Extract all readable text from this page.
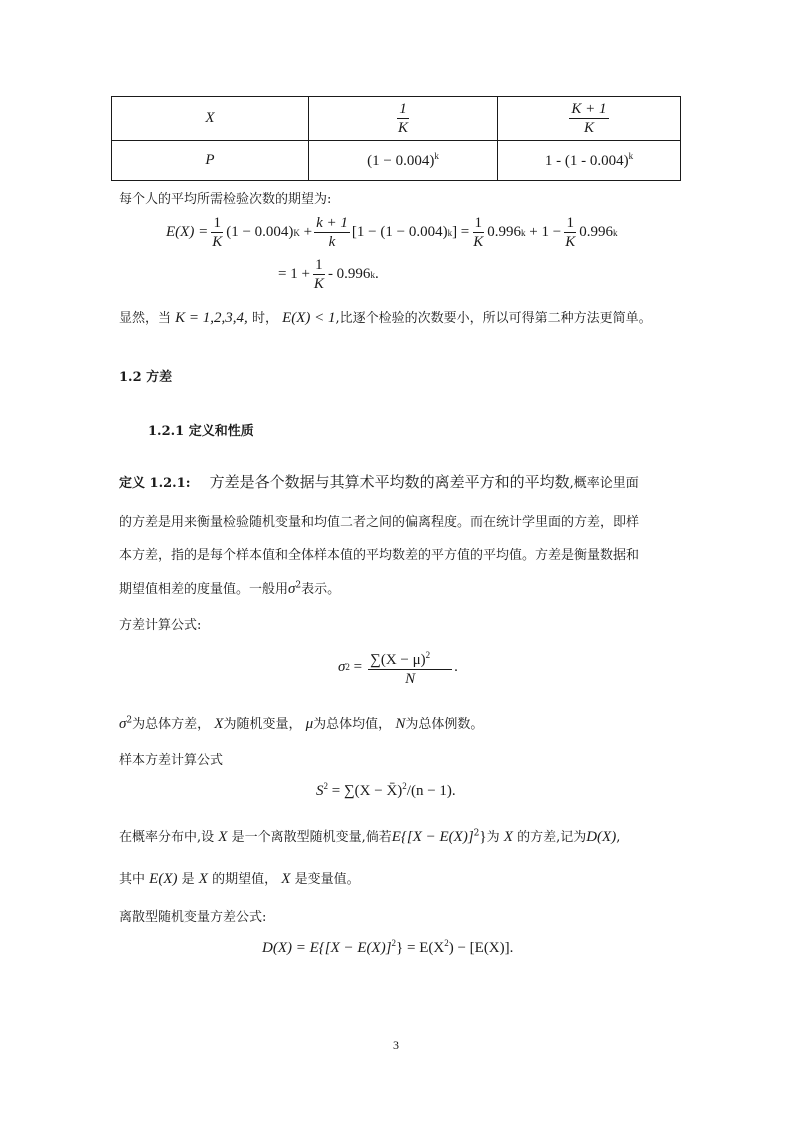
X	$\frac{1}{K}$	$\frac{K + 1}{K}$

P	$(1 - 0.004)^k$	1 - (1 - 0.004)$^k$
每个人的平均所需检验次数的期望为:
$E(X) = \frac{1}{K} (1 - 0.004)$ K
+ $\frac{k + 1}{k} [1 - (1 - 0.004)$ k ] = $\frac{1}{K} 0.996$ k
+ $1 - \frac{1}{K} 0.996$ k
= $1 + \frac{1}{K} - 0.996$ k .
显然，当 K = 1,2,3,4, 时， E(X) < 1,比逐个检验的次数要小，所以可得第二种方法更简单。
1.2 方差
1.2.1 定义和性质
定义 1.2.1: 方差是各个数据与其算术平均数的离差平方和的平均数,概率论里面
的方差是用来衡量检验随机变量和均值二者之间的偏离程度。而在统计学里面的方差，即样
本方差，指的是每个样本值和全体样本值的平均数差的平方值的平均值。方差是衡量数据和
期望值相差的度量值。一般用$\sigma^2$表示。
方差计算公式:
σ 2
= $\frac{\sum(X - \mu)^2}{N}$ .
$\sigma^2$为总体方差， X为随机变量， μ为总体均值， N为总体例数。
样本方差计算公式
$S^2 = \sum(X$ − X̄)$^2$/(n − 1).
在概率分布中,设 X 是一个离散型随机变量,倘若$E\{[X - E(X)]^2\}$为 X 的方差,记为D(X),
其中 E(X) 是 X 的期望值， X 是变量值。
离散型随机变量方差公式:
$D(X) = E\{[X - E(X)]^2\} = E(X^2) - [E(X)]$.
3
